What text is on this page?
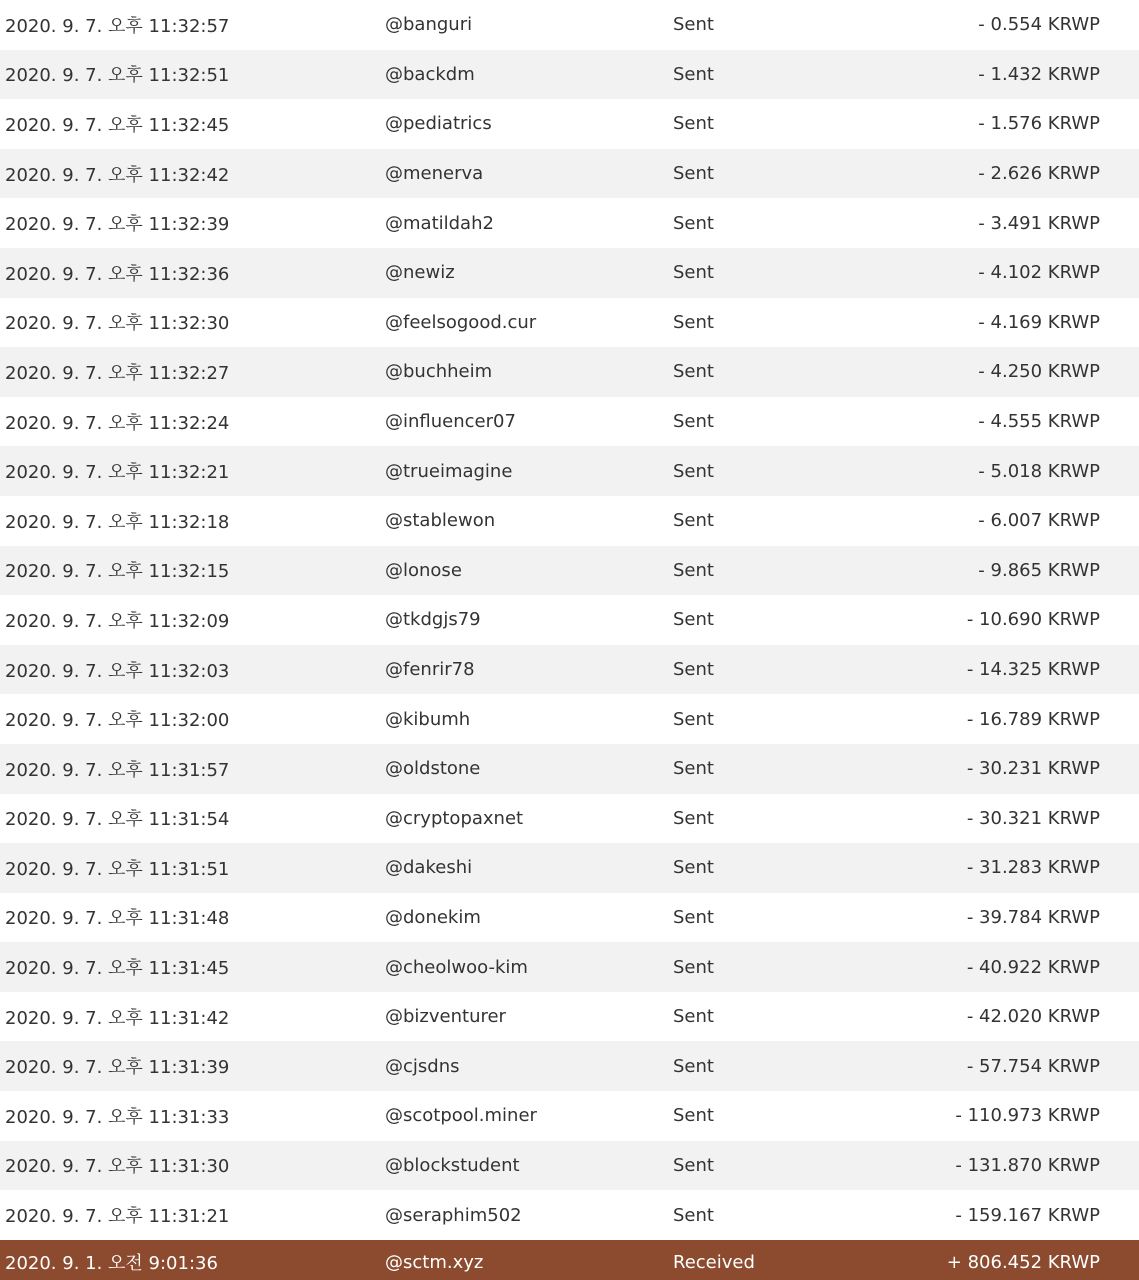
2020. 9. 7. 오후 11:32:57	@banguri	Sent	- 0.554 KRWP
2020. 9. 7. 오후 11:32:51	@backdm	Sent	- 1.432 KRWP
2020. 9. 7. 오후 11:32:45	@pediatrics	Sent	- 1.576 KRWP
2020. 9. 7. 오후 11:32:42	@menerva	Sent	- 2.626 KRWP
2020. 9. 7. 오후 11:32:39	@matildah2	Sent	- 3.491 KRWP
2020. 9. 7. 오후 11:32:36	@newiz	Sent	- 4.102 KRWP
2020. 9. 7. 오후 11:32:30	@feelsogood.cur	Sent	- 4.169 KRWP
2020. 9. 7. 오후 11:32:27	@buchheim	Sent	- 4.250 KRWP
2020. 9. 7. 오후 11:32:24	@influencer07	Sent	- 4.555 KRWP
2020. 9. 7. 오후 11:32:21	@trueimagine	Sent	- 5.018 KRWP
2020. 9. 7. 오후 11:32:18	@stablewon	Sent	- 6.007 KRWP
2020. 9. 7. 오후 11:32:15	@lonose	Sent	- 9.865 KRWP
2020. 9. 7. 오후 11:32:09	@tkdgjs79	Sent	- 10.690 KRWP
2020. 9. 7. 오후 11:32:03	@fenrir78	Sent	- 14.325 KRWP
2020. 9. 7. 오후 11:32:00	@kibumh	Sent	- 16.789 KRWP
2020. 9. 7. 오후 11:31:57	@oldstone	Sent	- 30.231 KRWP
2020. 9. 7. 오후 11:31:54	@cryptopaxnet	Sent	- 30.321 KRWP
2020. 9. 7. 오후 11:31:51	@dakeshi	Sent	- 31.283 KRWP
2020. 9. 7. 오후 11:31:48	@donekim	Sent	- 39.784 KRWP
2020. 9. 7. 오후 11:31:45	@cheolwoo-kim	Sent	- 40.922 KRWP
2020. 9. 7. 오후 11:31:42	@bizventurer	Sent	- 42.020 KRWP
2020. 9. 7. 오후 11:31:39	@cjsdns	Sent	- 57.754 KRWP
2020. 9. 7. 오후 11:31:33	@scotpool.miner	Sent	- 110.973 KRWP
2020. 9. 7. 오후 11:31:30	@blockstudent	Sent	- 131.870 KRWP
2020. 9. 7. 오후 11:31:21	@seraphim502	Sent	- 159.167 KRWP
2020. 9. 1. 오전 9:01:36	@sctm.xyz	Received	+ 806.452 KRWP
